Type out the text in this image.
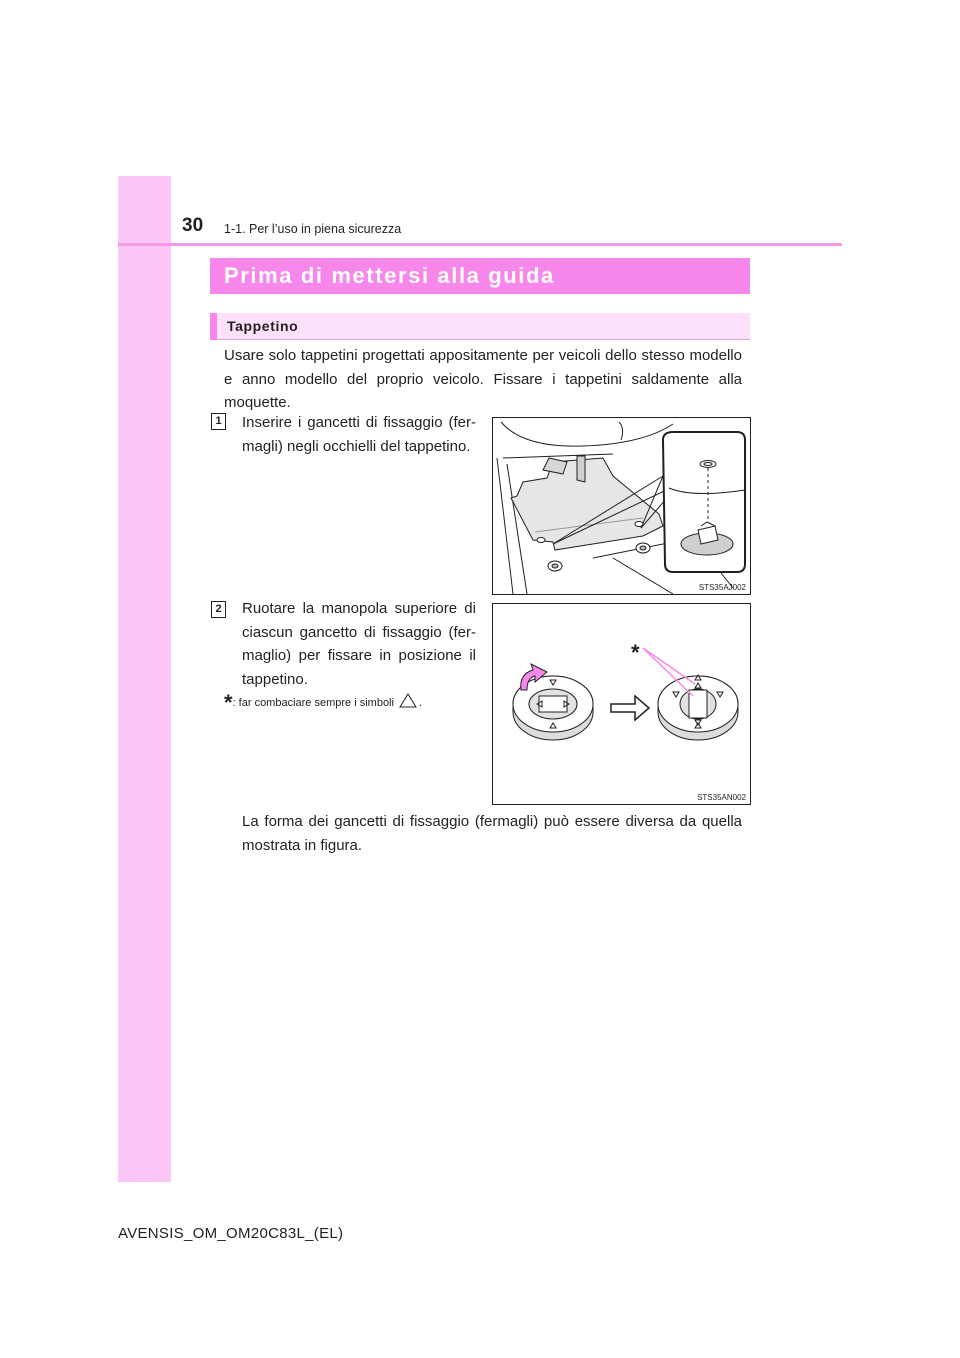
30 1-1. Per l’uso in piena sicurezza
Prima di mettersi alla guida
Tappetino
Usare solo tappetini progettati appositamente per veicoli dello stesso modello e anno modello del proprio veicolo. Fissare i tappetini saldamente alla moquette.
1 Inserire i gancetti di fissaggio (fer-magli) negli occhielli del tappetino.
STS35AJ002
2 Ruotare la manopola superiore di ciascun gancetto di fissaggio (fer-maglio) per fissare in posizione il tappetino.
*: far combaciare sempre i simboli .
*
STS35AN002
La forma dei gancetti di fissaggio (fermagli) può essere diversa da quella mostrata in figura.
AVENSIS_OM_OM20C83L_(EL)
